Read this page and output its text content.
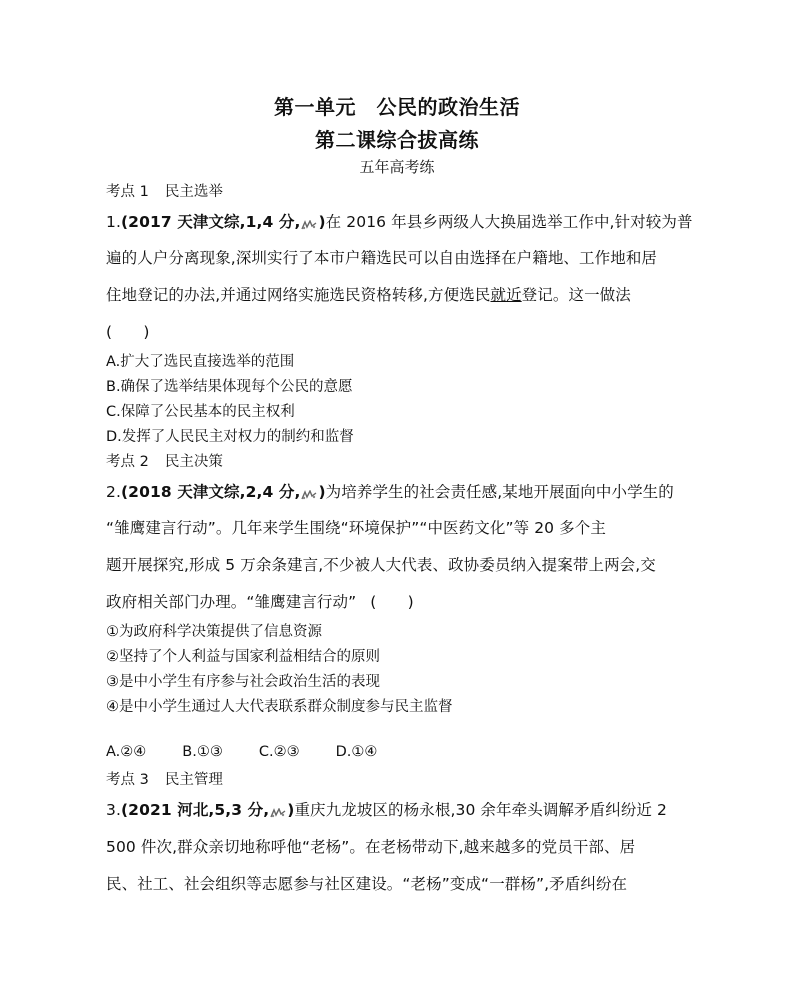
第一单元　公民的政治生活
第二课综合拔高练
五年高考练
考点 1 民主选举
1.(2017 天津文综,1,4 分, )在 2016 年县乡两级人大换届选举工作中,针对较为普
遍的人户分离现象,深圳实行了本市户籍选民可以自由选择在户籍地、工作地和居
住地登记的办法,并通过网络实施选民资格转移,方便选民就近登记。这一做法
(　　)
A.扩大了选民直接选举的范围
B.确保了选举结果体现每个公民的意愿
C.保障了公民基本的民主权利
D.发挥了人民民主对权力的制约和监督
考点 2 民主决策
2.(2018 天津文综,2,4 分, )为培养学生的社会责任感,某地开展面向中小学生的
“雏鹰建言行动”。几年来学生围绕“环境保护”“中医药文化”等 20 多个主
题开展探究,形成 5 万余条建言,不少被人大代表、政协委员纳入提案带上两会,交
政府相关部门办理。“雏鹰建言行动” (　　)
①为政府科学决策提供了信息资源
②坚持了个人利益与国家利益相结合的原则
③是中小学生有序参与社会政治生活的表现
④是中小学生通过人大代表联系群众制度参与民主监督
A.②④ B.①③ C.②③ D.①④
考点 3 民主管理
3.(2021 河北,5,3 分, )重庆九龙坡区的杨永根,30 余年牵头调解矛盾纠纷近 2
500 件次,群众亲切地称呼他“老杨”。在老杨带动下,越来越多的党员干部、居
民、社工、社会组织等志愿参与社区建设。“老杨”变成“一群杨”,矛盾纠纷在
